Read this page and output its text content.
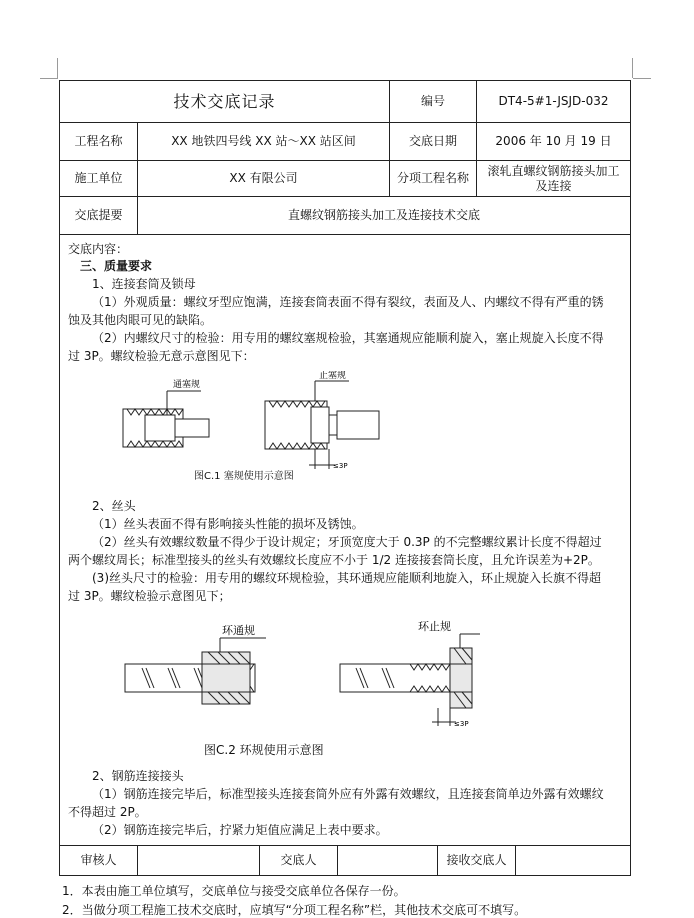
技术交底记录	编号	DT4-5#1-JSJD-032
工程名称	XX 地铁四号线 XX 站～XX 站区间	交底日期	2006 年 10 月 19 日
施工单位	XX 有限公司	分项工程名称
滚轧直螺纹钢筋接头加工
及连接
交底提要	直螺纹钢筋接头加工及连接技术交底
交底内容：
三、质量要求
1、连接套筒及锁母
（1）外观质量：螺纹牙型应饱满，连接套筒表面不得有裂纹，表面及人、内螺纹不得有严重的锈
蚀及其他肉眼可见的缺陷。
（2）内螺纹尺寸的检验：用专用的螺纹塞规检验，其塞通规应能顺利旋入，塞止规旋入长度不得
过 3P。螺纹检验无意示意图见下：
通塞规
止塞规
≤3P
图C.1 塞规使用示意图
2、丝头
（1）丝头表面不得有影响接头性能的损坏及锈蚀。
（2）丝头有效螺纹数量不得少于设计规定；牙顶宽度大于 0.3P 的不完整螺纹累计长度不得超过
两个螺纹周长；标准型接头的丝头有效螺纹长度应不小于 1/2 连接接套筒长度，且允许误差为+2P。
(3)丝头尺寸的检验：用专用的螺纹环规检验，其环通规应能顺利地旋入，环止规旋入长旗不得超
过 3P。螺纹检验示意图见下；
环通规	环止规
≤3P
图C.2 环规使用示意图
2、钢筋连接接头
（1）钢筋连接完毕后，标准型接头连接套筒外应有外露有效螺纹，且连接套筒单边外露有效螺纹
不得超过 2P。
（2）钢筋连接完毕后，拧紧力矩值应满足上表中要求。
审核人	交底人	接收交底人
1．本表由施工单位填写，交底单位与接受交底单位各保存一份。
2．当做分项工程施工技术交底时，应填写“分项工程名称”栏，其他技术交底可不填写。
